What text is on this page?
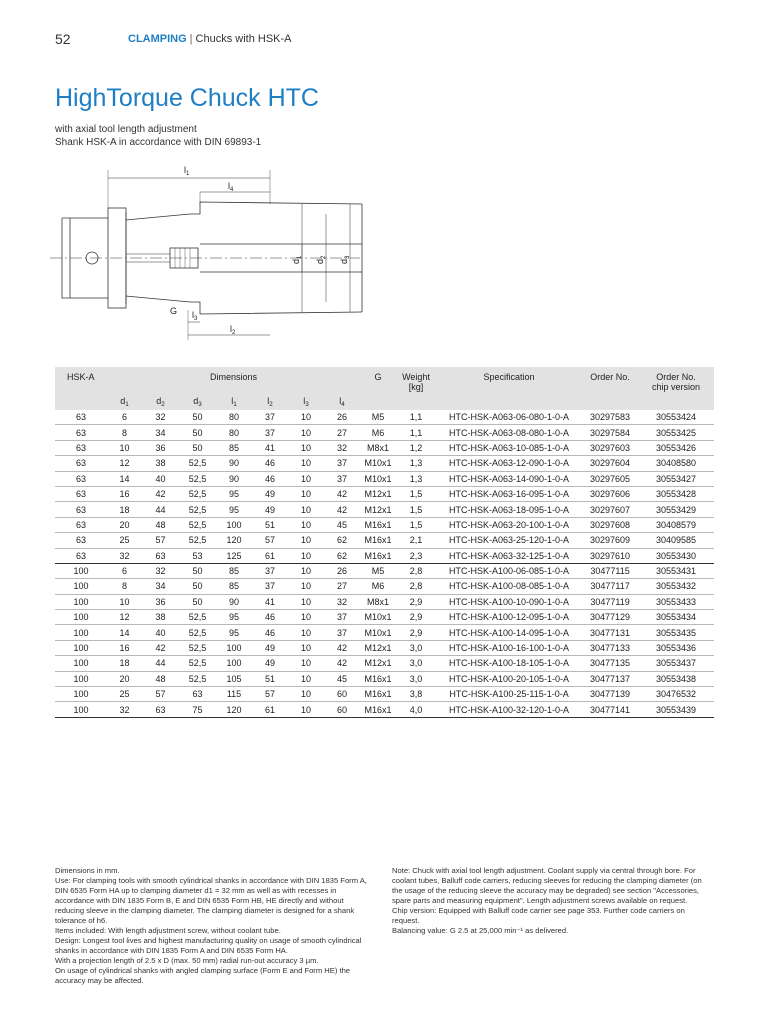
52	CLAMPING | Chucks with HSK-A
HighTorque Chuck HTC
with axial tool length adjustment
Shank HSK-A in accordance with DIN 69893-1
$l_1$
$l_4$
$l_2$
$l_3$
G
$d_1$
$d_2$
$d_3$
HSK-A	Dimensions							G	Weight
[kg]	Specification	Order No.	Order No.
chip version
	$d_1$	$d_2$	$d_3$	$l_1$	$l_2$	$l_3$	$l_4$
63	6	32	50	80	37	10	26	M5	1,1	HTC-HSK-A063-06-080-1-0-A	30297583	30553424
63	8	34	50	80	37	10	27	M6	1,1	HTC-HSK-A063-08-080-1-0-A	30297584	30553425
63	10	36	50	85	41	10	32	M8x1	1,2	HTC-HSK-A063-10-085-1-0-A	30297603	30553426
63	12	38	52,5	90	46	10	37	M10x1	1,3	HTC-HSK-A063-12-090-1-0-A	30297604	30408580
63	14	40	52,5	90	46	10	37	M10x1	1,3	HTC-HSK-A063-14-090-1-0-A	30297605	30553427
63	16	42	52,5	95	49	10	42	M12x1	1,5	HTC-HSK-A063-16-095-1-0-A	30297606	30553428
63	18	44	52,5	95	49	10	42	M12x1	1,5	HTC-HSK-A063-18-095-1-0-A	30297607	30553429
63	20	48	52,5	100	51	10	45	M16x1	1,5	HTC-HSK-A063-20-100-1-0-A	30297608	30408579
63	25	57	52,5	120	57	10	62	M16x1	2,1	HTC-HSK-A063-25-120-1-0-A	30297609	30409585
63	32	63	53	125	61	10	62	M16x1	2,3	HTC-HSK-A063-32-125-1-0-A	30297610	30553430
100	6	32	50	85	37	10	26	M5	2,8	HTC-HSK-A100-06-085-1-0-A	30477115	30553431
100	8	34	50	85	37	10	27	M6	2,8	HTC-HSK-A100-08-085-1-0-A	30477117	30553432
100	10	36	50	90	41	10	32	M8x1	2,9	HTC-HSK-A100-10-090-1-0-A	30477119	30553433
100	12	38	52,5	95	46	10	37	M10x1	2,9	HTC-HSK-A100-12-095-1-0-A	30477129	30553434
100	14	40	52,5	95	46	10	37	M10x1	2,9	HTC-HSK-A100-14-095-1-0-A	30477131	30553435
100	16	42	52,5	100	49	10	42	M12x1	3,0	HTC-HSK-A100-16-100-1-0-A	30477133	30553436
100	18	44	52,5	100	49	10	42	M12x1	3,0	HTC-HSK-A100-18-105-1-0-A	30477135	30553437
100	20	48	52,5	105	51	10	45	M16x1	3,0	HTC-HSK-A100-20-105-1-0-A	30477137	30553438
100	25	57	63	115	57	10	60	M16x1	3,8	HTC-HSK-A100-25-115-1-0-A	30477139	30476532
100	32	63	75	120	61	10	60	M16x1	4,0	HTC-HSK-A100-32-120-1-0-A	30477141	30553439

Dimensions in mm.

Use: For clamping tools with smooth cylindrical shanks in accordance with DIN 1835 Form A, DIN 6535 Form HA up to clamping diameter d1 = 32 mm as well as with recesses in accordance with DIN 1835 Form B, E and DIN 6535 Form HB, HE directly and without reducing sleeve in the clamping diameter. The clamping diameter is designed for a shank tolerance of h6.

Items included: With length adjustment screw, without coolant tube.

Design: Longest tool lives and highest manufacturing quality on usage of smooth cylindrical shanks in accordance with DIN 1835 Form A and DIN 6535 Form HA.

With a projection length of 2.5 x D (max. 50 mm) radial run-out accuracy 3 µm.

On usage of cylindrical shanks with angled clamping surface (Form E and Form HE) the accuracy may be affected.

Note: Chuck with axial tool length adjustment. Coolant supply via central through bore. For coolant tubes, Balluff code carriers, reducing sleeves for reducing the clamping diameter (on the usage of the reducing sleeve the accuracy may be degraded) see section "Accessories, spare parts and measuring equipment". Length adjustment screws available on request.

Chip version: Equipped with Balluff code carrier see page 353. Further code carriers on request.

Balancing value: G 2.5 at 25,000 min⁻¹ as delivered.
